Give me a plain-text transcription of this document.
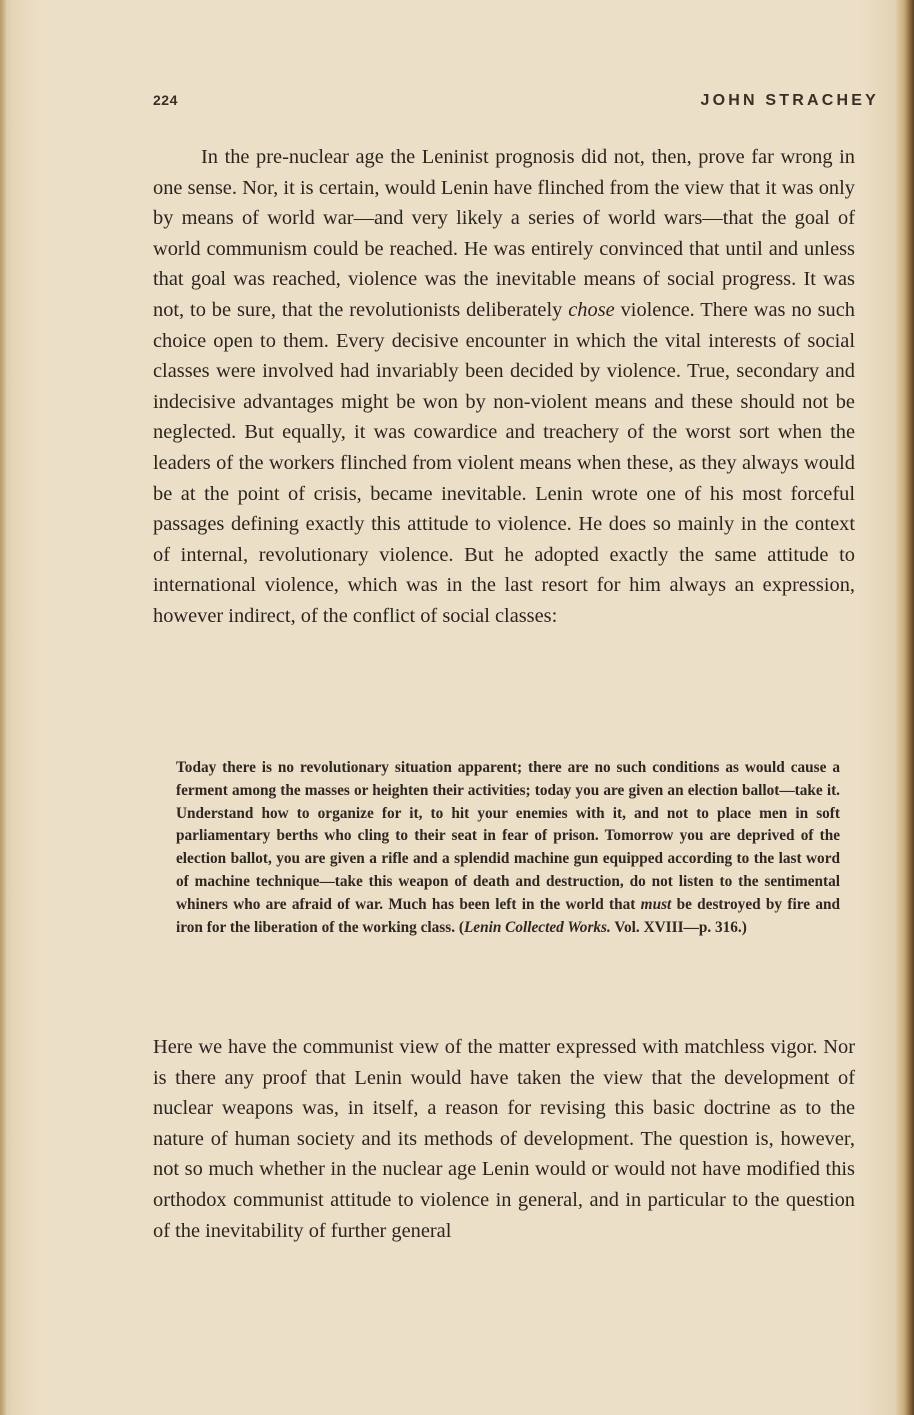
224	JOHN STRACHEY

In the pre-nuclear age the Leninist prognosis did not, then, prove far wrong in one sense. Nor, it is certain, would Lenin have flinched from the view that it was only by means of world war—and very likely a series of world wars—that the goal of world communism could be reached. He was entirely convinced that until and unless that goal was reached, violence was the inevitable means of social progress. It was not, to be sure, that the revolutionists deliberately chose violence. There was no such choice open to them. Every decisive encounter in which the vital interests of social classes were involved had invariably been decided by violence. True, secondary and indecisive advantages might be won by non-violent means and these should not be neglected. But equally, it was cowardice and treachery of the worst sort when the leaders of the workers flinched from violent means when these, as they always would be at the point of crisis, became inevitable. Lenin wrote one of his most forceful passages defining exactly this attitude to violence. He does so mainly in the context of internal, revolutionary violence. But he adopted exactly the same attitude to international violence, which was in the last resort for him always an expression, however indirect, of the conflict of social classes:

Today there is no revolutionary situation apparent; there are no such conditions as would cause a ferment among the masses or heighten their activities; today you are given an election ballot—take it. Understand how to organize for it, to hit your enemies with it, and not to place men in soft parliamentary berths who cling to their seat in fear of prison. Tomorrow you are deprived of the election ballot, you are given a rifle and a splendid machine gun equipped according to the last word of machine technique—take this weapon of death and destruction, do not listen to the sentimental whiners who are afraid of war. Much has been left in the world that must be destroyed by fire and iron for the liberation of the working class. (Lenin Collected Works. Vol. XVIII—p. 316.)

Here we have the communist view of the matter expressed with matchless vigor. Nor is there any proof that Lenin would have taken the view that the development of nuclear weapons was, in itself, a reason for revising this basic doctrine as to the nature of human society and its methods of development. The question is, however, not so much whether in the nuclear age Lenin would or would not have modified this orthodox communist attitude to violence in general, and in particular to the question of the inevitability of further general
